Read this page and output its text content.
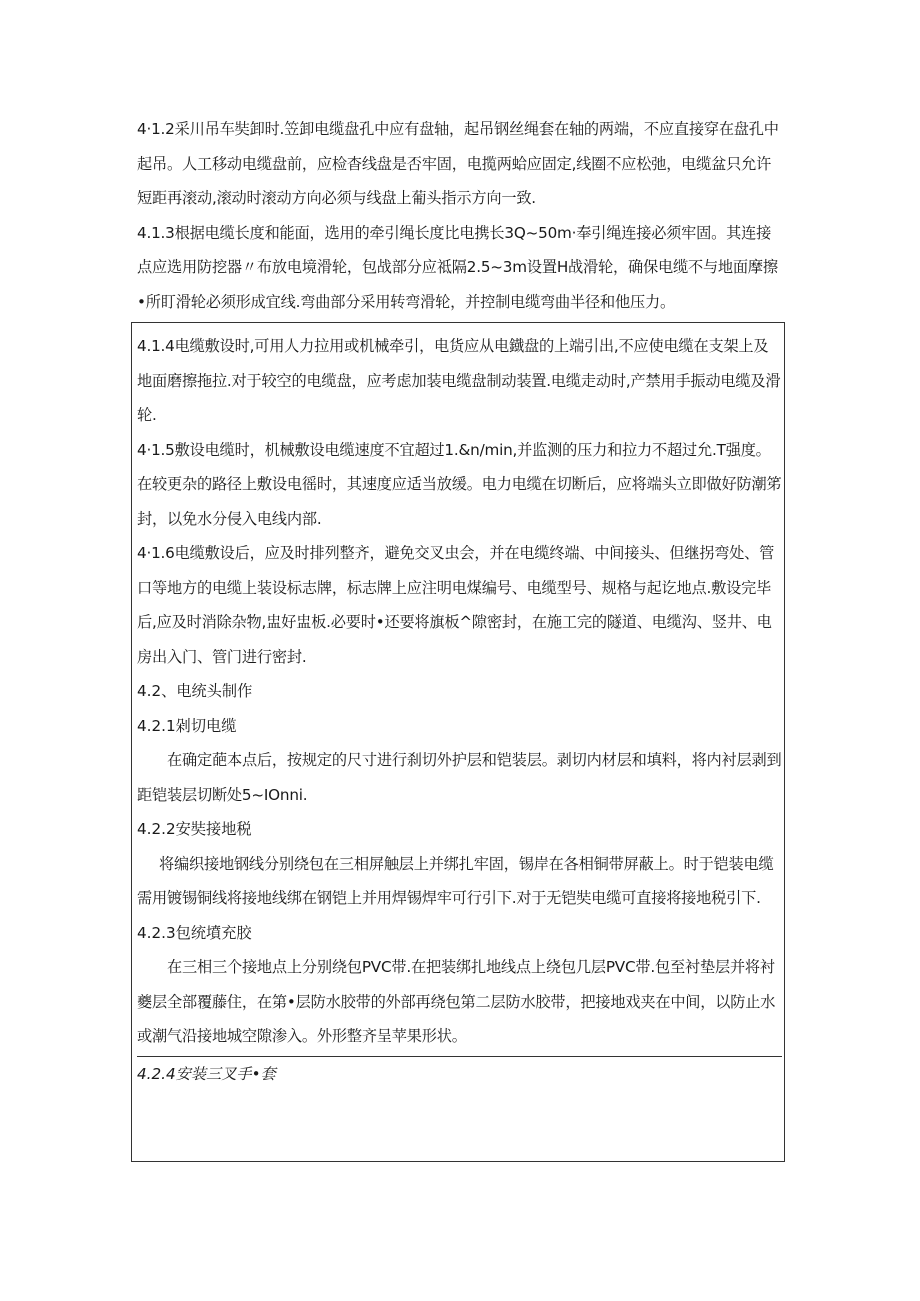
4·1.2采川吊车奘卸时.笠卸电缆盘孔中应有盘轴，起吊钢丝绳套在轴的两端，不应直接穿在盘孔中起吊。人工移动电缆盘前，应检杳线盘是否牢固，电揽两蛤应固定,线圈不应松弛，电缆盆只允许短距再滚动,滚动时滚动方向必须与线盘上葡头指示方向一致.

4.1.3根据电缆长度和能面，选用的牵引绳长度比电携长3Q~50m·奉引绳连接必须牢固。其连接点应选用防挖器〃布放电境滑轮，包战部分应祗隔2.5~3m设置H战滑轮，确保电缆不与地面摩擦•所盯滑轮必须形成宜线.弯曲部分采用转弯滑轮，并控制电缆弯曲半径和他压力。

4.1.4电缆敷设时,可用人力拉用或机械牵引，电货应从电鐡盘的上端引出,不应使电缆在支架上及地面磨擦拖拉.对于较空的电缆盘，应考虑加装电缆盘制动装置.电缆走动时,产禁用手振动电缆及滑轮.

4·1.5敷设电缆时，机械敷设电缆速度不宜超过1.&n/min,并监测的压力和拉力不超过允.T强度。在较更杂的路径上敷设电徭时，其速度应适当放缓。电力电缆在切断后，应将端头立即做好防潮笫封，以免水分侵入电线内部.

4·1.6电缆敷设后，应及时排列整齐，避免交叉虫会，并在电缆终端、中间接头、但继拐弯处、管口等地方的电缆上装设标志牌，标志牌上应注明电煤编号、电缆型号、规格与起讫地点.敷设完毕后,应及时消除杂物,盅好盅板.必要时•还要将旗板^隙密封，在施工完的隧道、电缆沟、竖井、电房出入门、管门进行密封.

4.2、电统头制作

4.2.1剁切电缆

在确定葩本点后，按规定的尺寸进行刹切外护层和铠装层。剥切内材层和填料，将内衬层剥到距铠装层切断处5~IOnni.

4.2.2安奘接地税

将编织接地钢线分别绕包在三相屏触层上并绑扎牢固，锡岸在各相铜带屏蔽上。时于铠装电缆需用镀锡铜线将接地线绑在钢铠上并用焊锡焊牢可行引下.对于无铠奘电缆可直接将接地税引下.

4.2.3包统墳充胶

在三相三个接地点上分别绕包PVC带.在把装绑扎地线点上绕包几层PVC带.包至衬垫层并将衬夔层全部覆藤住，在第•层防水胶带的外部再绕包第二层防水胶带，把接地戏夹在中间，以防止水或潮气沿接地城空隙渗入。外形整齐呈苹果形状。

4.2.4安装三叉手•套
